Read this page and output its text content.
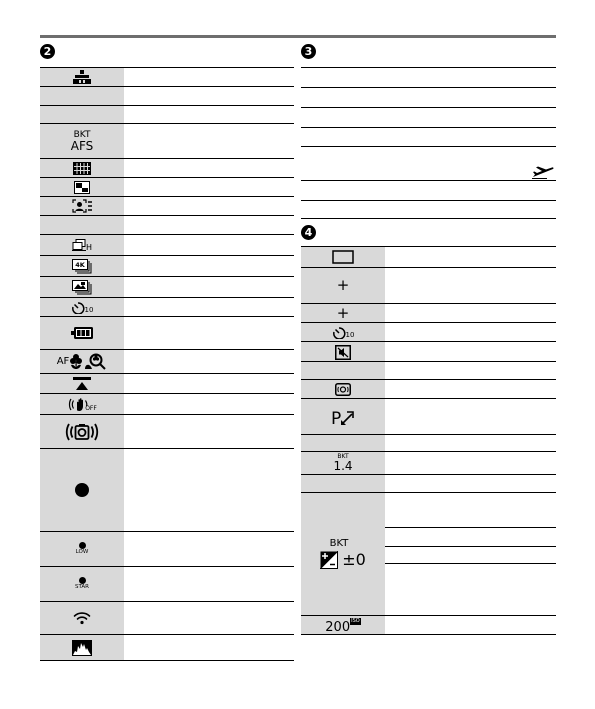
2	3
4
BKT
AFS
H
4K
10
AF
OFF
LOW
STAR
+
+
10
P
BKT
1.4
BKT
±0
200 ISO
